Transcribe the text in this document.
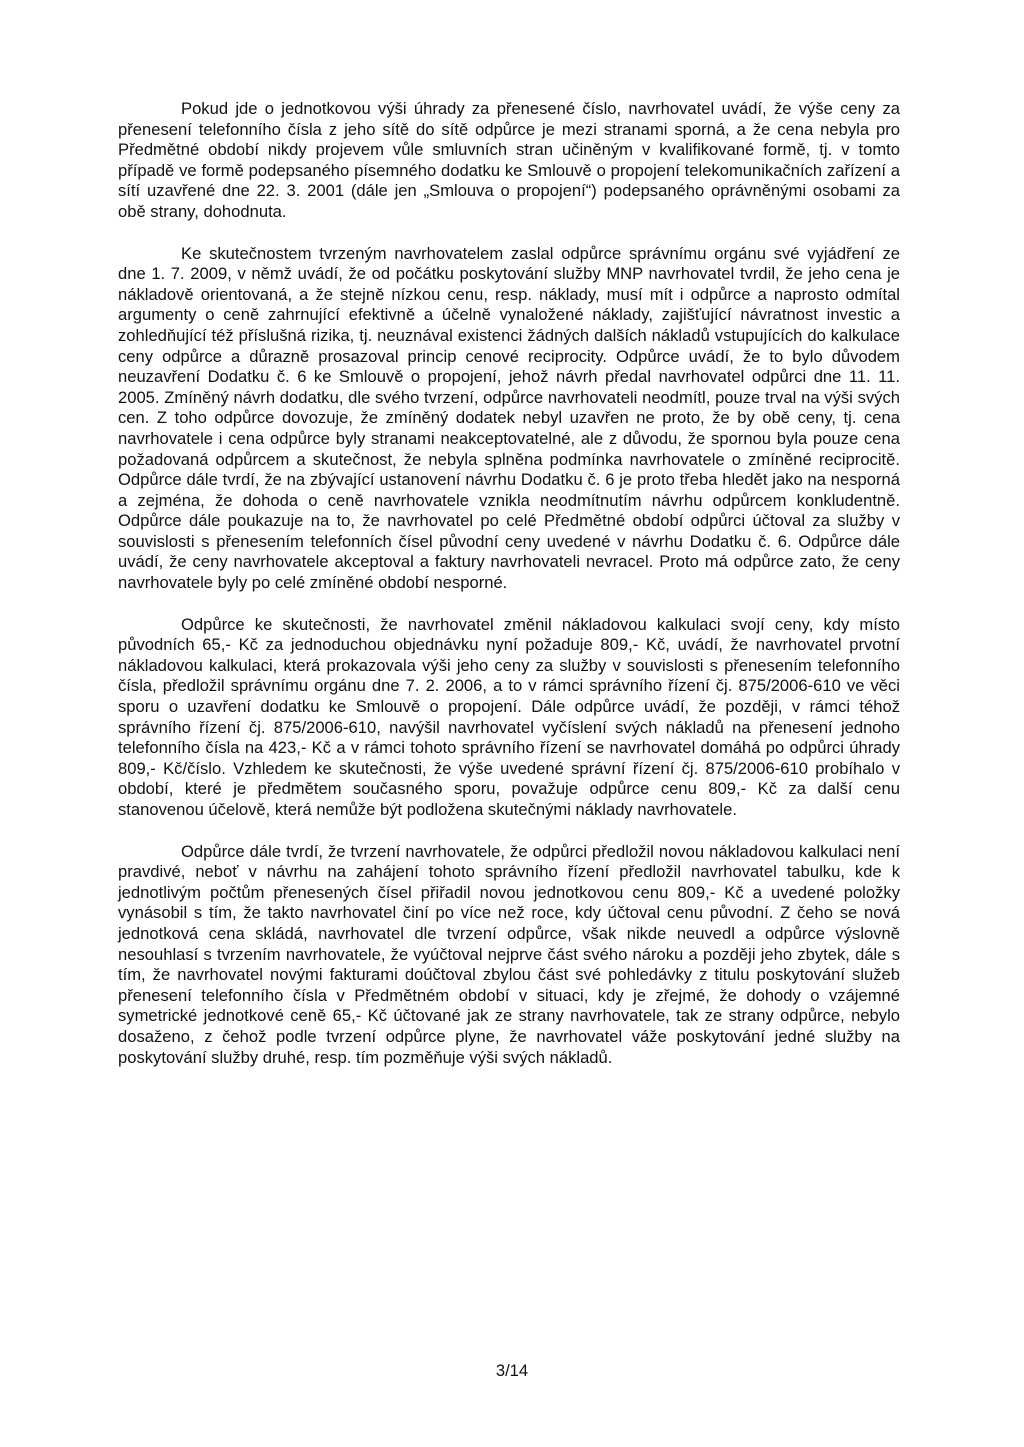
Pokud jde o jednotkovou výši úhrady za přenesené číslo, navrhovatel uvádí, že výše ceny za přenesení telefonního čísla z jeho sítě do sítě odpůrce je mezi stranami sporná, a že cena nebyla pro Předmětné období nikdy projevem vůle smluvních stran učiněným v kvalifikované formě, tj. v tomto případě ve formě podepsaného písemného dodatku ke Smlouvě o propojení telekomunikačních zařízení a sítí uzavřené dne 22. 3. 2001 (dále jen „Smlouva o propojení“) podepsaného oprávněnými osobami za obě strany, dohodnuta.

Ke skutečnostem tvrzeným navrhovatelem zaslal odpůrce správnímu orgánu své vyjádření ze dne 1. 7. 2009, v němž uvádí, že od počátku poskytování služby MNP navrhovatel tvrdil, že jeho cena je nákladově orientovaná, a že stejně nízkou cenu, resp. náklady, musí mít i odpůrce a naprosto odmítal argumenty o ceně zahrnující efektivně a účelně vynaložené náklady, zajišťující návratnost investic a zohledňující též příslušná rizika, tj. neuznával existenci žádných dalších nákladů vstupujících do kalkulace ceny odpůrce a důrazně prosazoval princip cenové reciprocity. Odpůrce uvádí, že to bylo důvodem neuzavření Dodatku č. 6 ke Smlouvě o propojení, jehož návrh předal navrhovatel odpůrci dne 11. 11. 2005. Zmíněný návrh dodatku, dle svého tvrzení, odpůrce navrhovateli neodmítl, pouze trval na výši svých cen. Z toho odpůrce dovozuje, že zmíněný dodatek nebyl uzavřen ne proto, že by obě ceny, tj. cena navrhovatele i cena odpůrce byly stranami neakceptovatelné, ale z důvodu, že spornou byla pouze cena požadovaná odpůrcem a skutečnost, že nebyla splněna podmínka navrhovatele o zmíněné reciprocitě. Odpůrce dále tvrdí, že na zbývající ustanovení návrhu Dodatku č. 6 je proto třeba hledět jako na nesporná a zejména, že dohoda o ceně navrhovatele vznikla neodmítnutím návrhu odpůrcem konkludentně. Odpůrce dále poukazuje na to, že navrhovatel po celé Předmětné období odpůrci účtoval za služby v souvislosti s přenesením telefonních čísel původní ceny uvedené v návrhu Dodatku č. 6. Odpůrce dále uvádí, že ceny navrhovatele akceptoval a faktury navrhovateli nevracel. Proto má odpůrce zato, že ceny navrhovatele byly po celé zmíněné období nesporné.

Odpůrce ke skutečnosti, že navrhovatel změnil nákladovou kalkulaci svojí ceny, kdy místo původních 65,- Kč za jednoduchou objednávku nyní požaduje 809,- Kč, uvádí, že navrhovatel prvotní nákladovou kalkulaci, která prokazovala výši jeho ceny za služby v souvislosti s přenesením telefonního čísla, předložil správnímu orgánu dne 7. 2. 2006, a to v rámci správního řízení čj. 875/2006-610 ve věci sporu o uzavření dodatku ke Smlouvě o propojení. Dále odpůrce uvádí, že později, v rámci téhož správního řízení čj. 875/2006-610, navýšil navrhovatel vyčíslení svých nákladů na přenesení jednoho telefonního čísla na 423,- Kč a v rámci tohoto správního řízení se navrhovatel domáhá po odpůrci úhrady 809,- Kč/číslo. Vzhledem ke skutečnosti, že výše uvedené správní řízení čj. 875/2006-610 probíhalo v období, které je předmětem současného sporu, považuje odpůrce cenu 809,- Kč za další cenu stanovenou účelově, která nemůže být podložena skutečnými náklady navrhovatele.

Odpůrce dále tvrdí, že tvrzení navrhovatele, že odpůrci předložil novou nákladovou kalkulaci není pravdivé, neboť v návrhu na zahájení tohoto správního řízení předložil navrhovatel tabulku, kde k jednotlivým počtům přenesených čísel přiřadil novou jednotkovou cenu 809,- Kč a uvedené položky vynásobil s tím, že takto navrhovatel činí po více než roce, kdy účtoval cenu původní. Z čeho se nová jednotková cena skládá, navrhovatel dle tvrzení odpůrce, však nikde neuvedl a odpůrce výslovně nesouhlasí s tvrzením navrhovatele, že vyúčtoval nejprve část svého nároku a později jeho zbytek, dále s tím, že navrhovatel novými fakturami doúčtoval zbylou část své pohledávky z titulu poskytování služeb přenesení telefonního čísla v Předmětném období v situaci, kdy je zřejmé, že dohody o vzájemné symetrické jednotkové ceně 65,- Kč účtované jak ze strany navrhovatele, tak ze strany odpůrce, nebylo dosaženo, z čehož podle tvrzení odpůrce plyne, že navrhovatel váže poskytování jedné služby na poskytování služby druhé, resp. tím pozměňuje výši svých nákladů.

3/14
